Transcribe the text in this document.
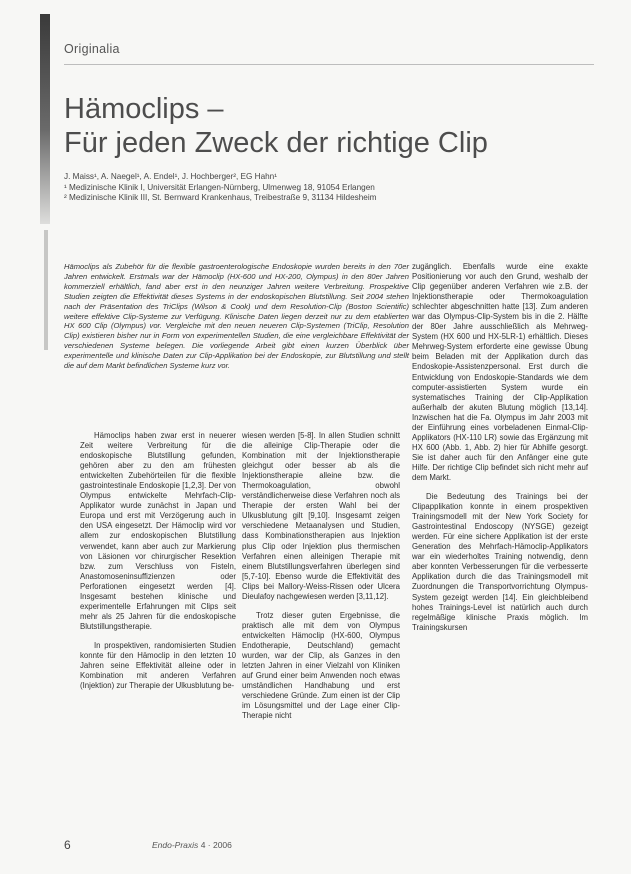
Originalia
Hämoclips –
Für jeden Zweck der richtige Clip
J. Maiss¹, A. Naegel¹, A. Endel¹, J. Hochberger², EG Hahn¹
¹ Medizinische Klinik I, Universität Erlangen-Nürnberg, Ulmenweg 18, 91054 Erlangen
² Medizinische Klinik III, St. Bernward Krankenhaus, Treibestraße 9, 31134 Hildesheim
Hämoclips als Zubehör für die flexible gastroenterologische Endoskopie wurden bereits in den 70er Jahren entwickelt. Erstmals war der Hämoclip (HX-600 und HX-200, Olympus) in den 80er Jahren kommerziell erhältlich, fand aber erst in den neunziger Jahren weitere Verbreitung. Prospektive Studien zeigten die Effektivität dieses Systems in der endoskopischen Blutstillung. Seit 2004 stehen nach der Präsentation des TriClips (Wilson & Cook) und dem Resolution-Clip (Boston Scientific) weitere effektive Clip-Systeme zur Verfügung. Klinische Daten liegen derzeit nur zu dem etablierten HX 600 Clip (Olympus) vor. Vergleiche mit den neuen neueren Clip-Systemen (TriClip, Resolution Clip) existieren bisher nur in Form von experimentellen Studien, die eine vergleichbare Effektivität der verschiedenen Systeme belegen. Die vorliegende Arbeit gibt einen kurzen Überblick über experimentelle und klinische Daten zur Clip-Applikation bei der Endoskopie, zur Blutstillung und stellt die auf dem Markt befindlichen Systeme kurz vor.

Hämoclips haben zwar erst in neuerer Zeit weitere Verbreitung für die endoskopische Blutstillung gefunden, gehören aber zu den am frühesten entwickelten Zubehörteilen für die flexible gastrointestinale Endoskopie [1,2,3]. Der von Olympus entwickelte Mehrfach-Clip-Applikator wurde zunächst in Japan und Europa und erst mit Verzögerung auch in den USA eingesetzt. Der Hämoclip wird vor allem zur endoskopischen Blutstillung verwendet, kann aber auch zur Markierung von Läsionen vor chirurgischer Resektion bzw. zum Verschluss von Fisteln, Anastomoseninsuffizienzen oder Perforationen eingesetzt werden [4]. Insgesamt bestehen klinische und experimentelle Erfahrungen mit Clips seit mehr als 25 Jahren für die endoskopische Blutstillungstherapie.

In prospektiven, randomisierten Studien konnte für den Hämoclip in den letzten 10 Jahren seine Effektivität alleine oder in Kombination mit anderen Verfahren (Injektion) zur Therapie der Ulkusblutung be-

wiesen werden [5-8]. In allen Studien schnitt die alleinige Clip-Therapie oder die Kombination mit der Injektionstherapie gleichgut oder besser ab als die Injektionstherapie alleine bzw. die Thermokoagulation, obwohl verständlicherweise diese Verfahren noch als Therapie der ersten Wahl bei der Ulkusblutung gilt [9,10]. Insgesamt zeigen verschiedene Metaanalysen und Studien, dass Kombinationstherapien aus Injektion plus Clip oder Injektion plus thermischen Verfahren einen alleinigen Therapie mit einem Blutstillungsverfahren überlegen sind [5,7-10]. Ebenso wurde die Effektivität des Clips bei Mallory-Weiss-Rissen oder Ulcera Dieulafoy nachgewiesen werden [3,11,12].

Trotz dieser guten Ergebnisse, die praktisch alle mit dem von Olympus entwickelten Hämoclip (HX-600, Olympus Endotherapie, Deutschland) gemacht wurden, war der Clip, als Ganzes in den letzten Jahren in einer Vielzahl von Kliniken auf Grund einer beim Anwenden noch etwas umständlichen Handhabung und erst verschiedene Gründe. Zum einen ist der Clip im Lösungsmittel und der Lage einer Clip-Therapie nicht

zugänglich. Ebenfalls wurde eine exakte Positionierung vor auch den Grund, weshalb der Clip gegenüber anderen Verfahren wie z.B. der Injektionstherapie oder Thermokoagulation schlechter abgeschnitten hatte [13]. Zum anderen war das Olympus-Clip-System bis in die 2. Hälfte der 80er Jahre ausschließlich als Mehrweg-System (HX 600 und HX-5LR-1) erhältlich. Dieses Mehrweg-System erforderte eine gewisse Übung beim Beladen mit der Applikation durch das Endoskopie-Assistenzpersonal. Erst durch die Entwicklung von Endoskopie-Standards wie dem computer-assistierten System wurde ein systematisches Training der Clip-Applikation außerhalb der akuten Blutung möglich [13,14]. Inzwischen hat die Fa. Olympus im Jahr 2003 mit der Einführung eines vorbeladenen Einmal-Clip-Applikators (HX-110 LR) sowie das Ergänzung mit HX 600 (Abb. 1, Abb. 2) hier für Abhilfe gesorgt. Sie ist daher auch für den Anfänger eine gute Hilfe. Der richtige Clip befindet sich nicht mehr auf dem Markt.

Die Bedeutung des Trainings bei der Clipapplikation konnte in einem prospektiven Trainingsmodell mit der New York Society for Gastrointestinal Endoscopy (NYSGE) gezeigt werden. Für eine sichere Applikation ist der erste Generation des Mehrfach-Hämoclip-Applikators war ein wiederholtes Training notwendig, denn aber konnten Verbesserungen für die verbesserte Applikation durch die das Trainingsmodell mit Zuordnungen die Transportvorrichtung Olympus-System gezeigt werden [14]. Ein gleichbleibend hohes Trainings-Level ist natürlich auch durch regelmäßige klinische Praxis möglich. Im Trainingskursen

6	Endo-Praxis 4 · 2006
